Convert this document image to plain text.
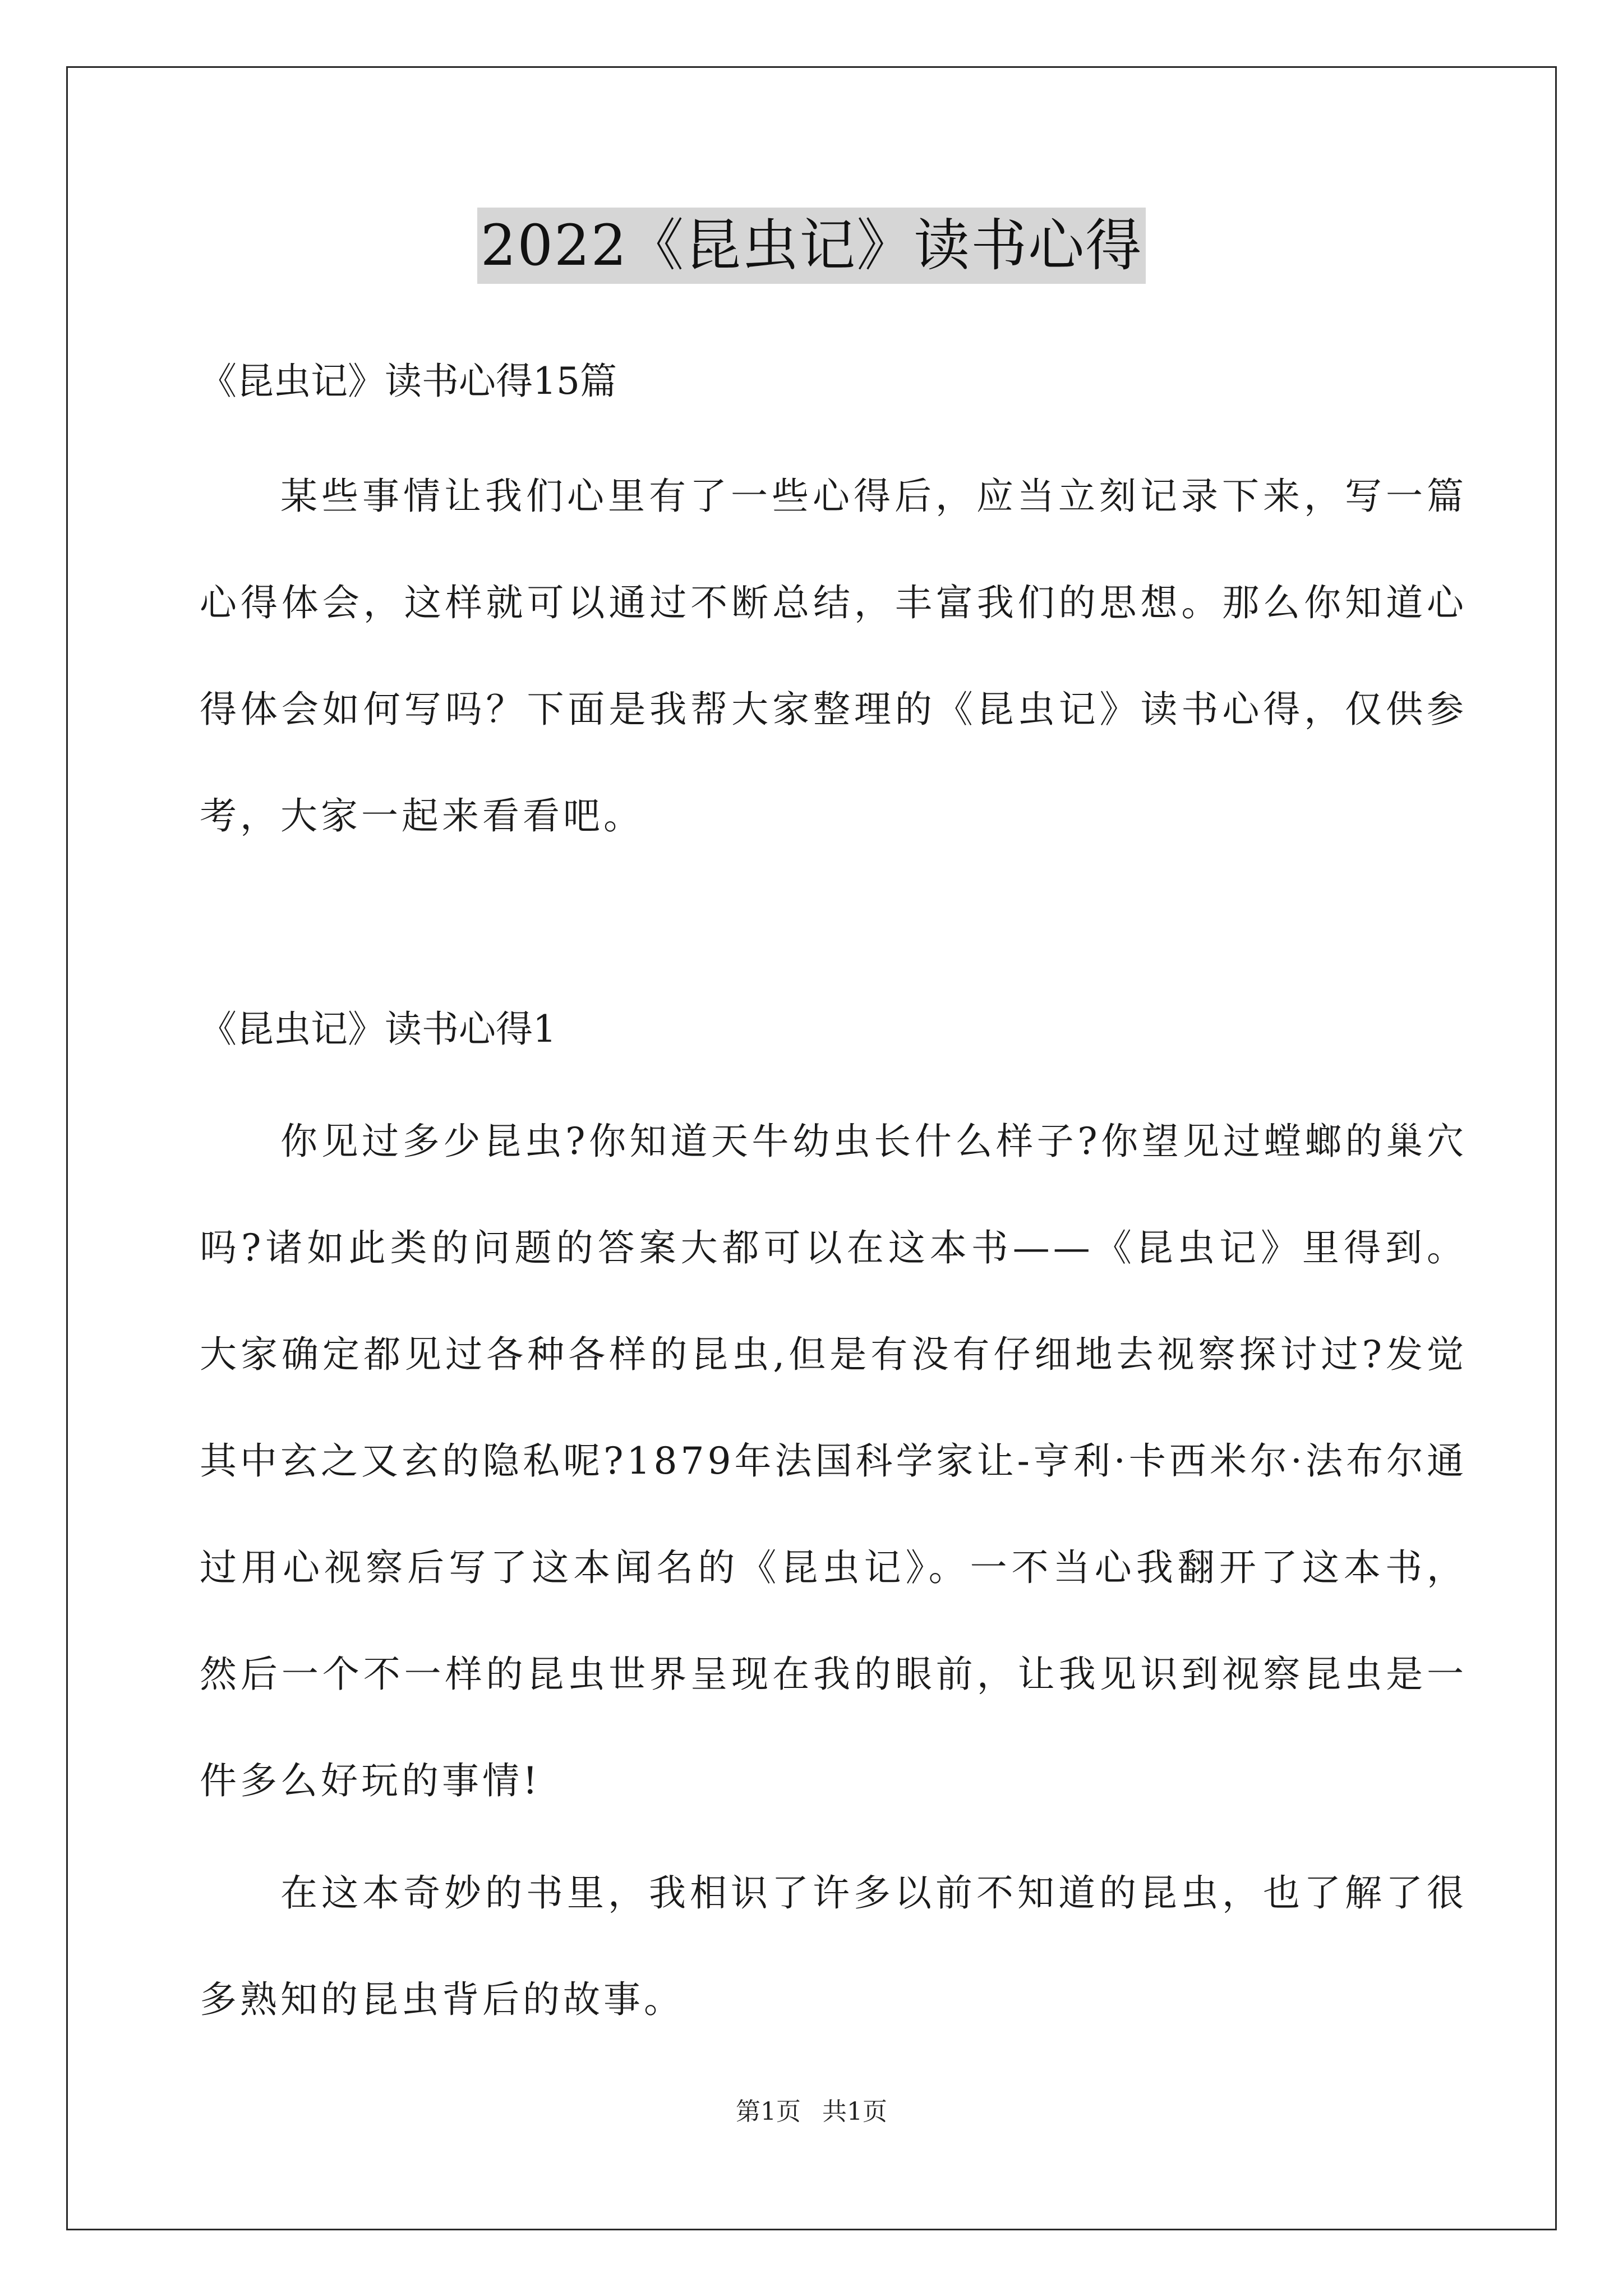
2022《昆虫记》读书心得
《昆虫记》读书心得15篇
某些事情让我们心里有了一些心得后，应当立刻记录下来，写一篇心得体会，这样就可以通过不断总结，丰富我们的思想。那么你知道心得体会如何写吗？下面是我帮大家整理的《昆虫记》读书心得，仅供参考，大家一起来看看吧。
《昆虫记》读书心得1
你见过多少昆虫?你知道天牛幼虫长什么样子?你望见过螳螂的巢穴吗?诸如此类的问题的答案大都可以在这本书——《昆虫记》里得到。大家确定都见过各种各样的昆虫,但是有没有仔细地去视察探讨过?发觉其中玄之又玄的隐私呢?1879年法国科学家让-亨利·卡西米尔·法布尔通过用心视察后写了这本闻名的《昆虫记》。一不当心我翻开了这本书，然后一个不一样的昆虫世界呈现在我的眼前，让我见识到视察昆虫是一件多么好玩的事情!
在这本奇妙的书里，我相识了许多以前不知道的昆虫，也了解了很多熟知的昆虫背后的故事。
第1页 共1页
